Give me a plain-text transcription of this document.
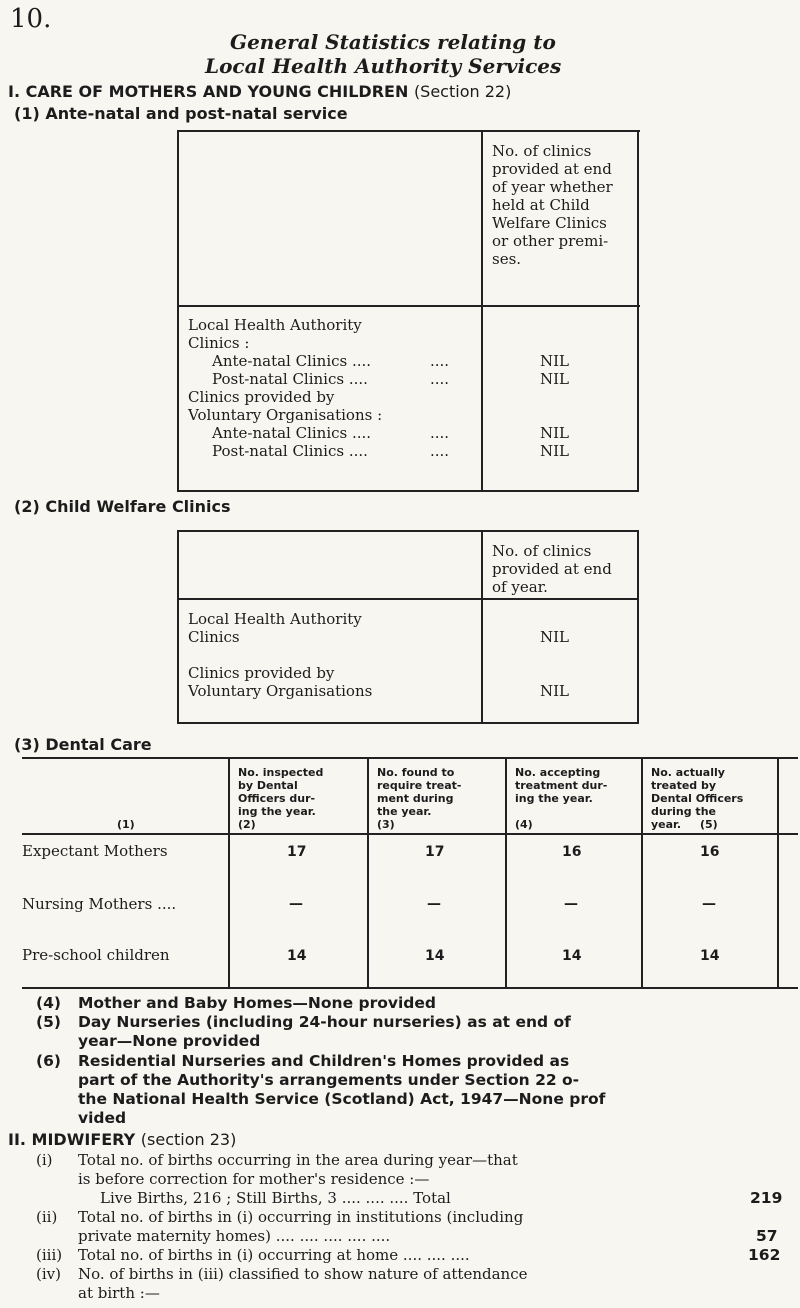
10.
General Statistics relating to
Local Health Authority Services
I. CARE OF MOTHERS AND YOUNG CHILDREN (Section 22)
(1) Ante-natal and post-natal service
No. of clinics
provided at end
of year whether
held at Child
Welfare Clinics
or other premi-
ses.
Local Health Authority
Clinics :
Ante-natal Clinics ....	....	NIL
Post-natal Clinics ....	....	NIL
Clinics provided by
Voluntary Organisations :
Ante-natal Clinics ....	....	NIL
Post-natal Clinics ....	....	NIL
(2) Child Welfare Clinics
No. of clinics
provided at end
of year.
Local Health Authority
Clinics	NIL
Clinics provided by
Voluntary Organisations	NIL
(3) Dental Care
(1)
No. inspected
by Dental
Officers dur-
ing the year.
(2)
No. found to
require treat-
ment during
the year.
(3)
No. accepting
treatment dur-
ing the year.
(4)
No. actually
treated by
Dental Officers
during the
year.	(5)
Expectant Mothers	17	17	16	16
Nursing Mothers ....	—	—	—	—
Pre-school children	14	14	14	14
(4) Mother and Baby Homes—None provided
(5) Day Nurseries (including 24-hour nurseries) as at end of
year—None provided
(6) Residential Nurseries and Children's Homes provided as
part of the Authority's arrangements under Section 22 o-
the National Health Service (Scotland) Act, 1947—None prof
vided
II. MIDWIFERY (section 23)
(i) Total no. of births occurring in the area during year—that
is before correction for mother's residence :—
Live Births, 216 ; Still Births, 3 .... .... .... Total	219
(ii) Total no. of births in (i) occurring in institutions (including
private maternity homes) .... .... .... .... ....	57
(iii) Total no. of births in (i) occurring at home .... .... ....	162
(iv) No. of births in (iii) classified to show nature of attendance
at birth :—
